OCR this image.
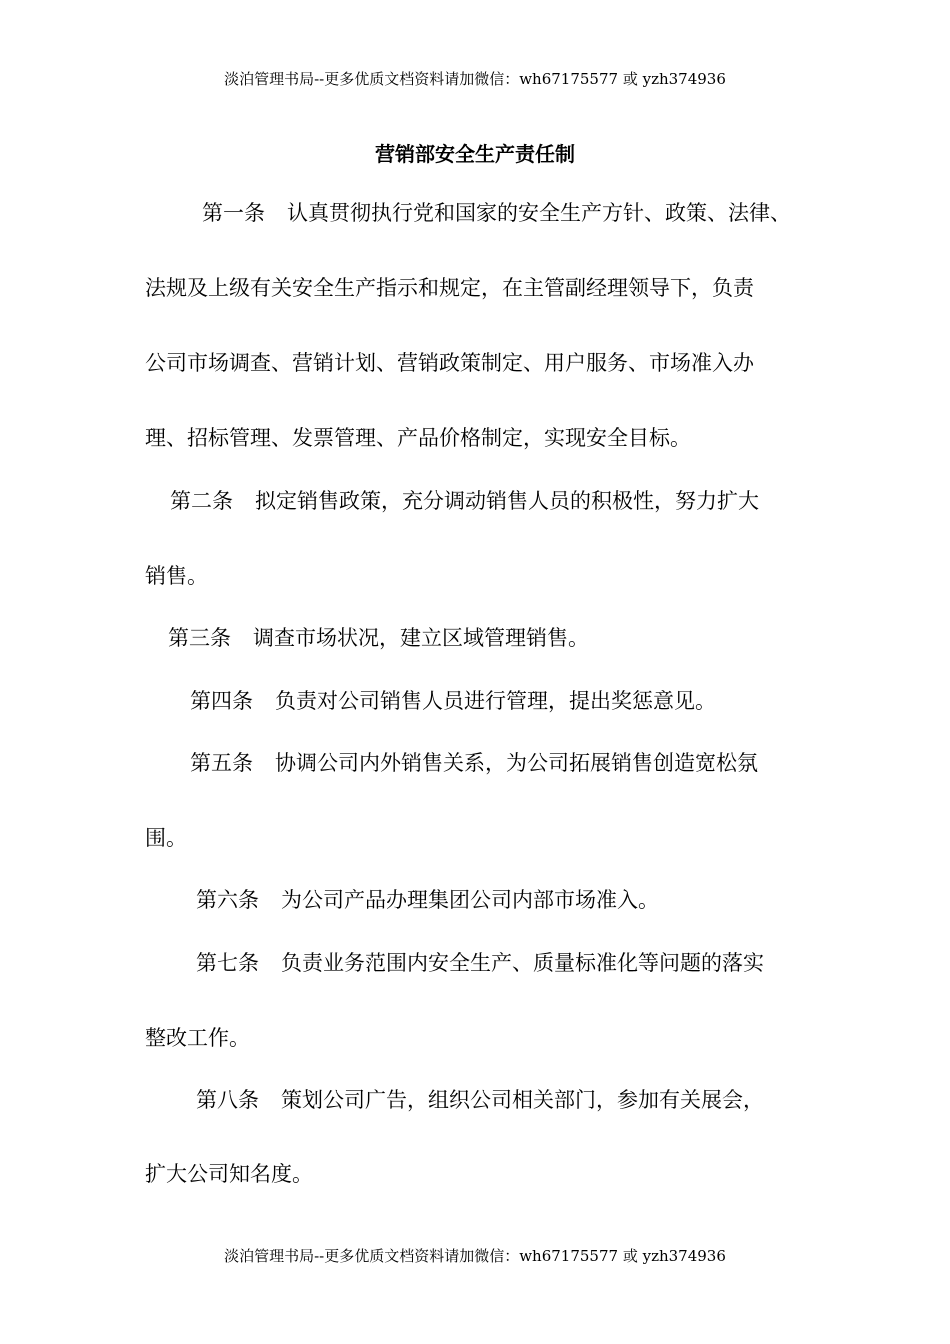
淡泊管理书局--更多优质文档资料请加微信：wh67175577 或 yzh374936
营销部安全生产责任制
第一条 认真贯彻执行党和国家的安全生产方针、政策、法律、
法规及上级有关安全生产指示和规定，在主管副经理领导下，负责
公司市场调查、营销计划、营销政策制定、用户服务、市场准入办
理、招标管理、发票管理、产品价格制定，实现安全目标。
第二条 拟定销售政策，充分调动销售人员的积极性，努力扩大
销售。
第三条 调查市场状况，建立区域管理销售。
第四条 负责对公司销售人员进行管理，提出奖惩意见。
第五条 协调公司内外销售关系，为公司拓展销售创造宽松氛
围。
第六条 为公司产品办理集团公司内部市场准入。
第七条 负责业务范围内安全生产、质量标准化等问题的落实
整改工作。
第八条 策划公司广告，组织公司相关部门，参加有关展会，
扩大公司知名度。
淡泊管理书局--更多优质文档资料请加微信：wh67175577 或 yzh374936
